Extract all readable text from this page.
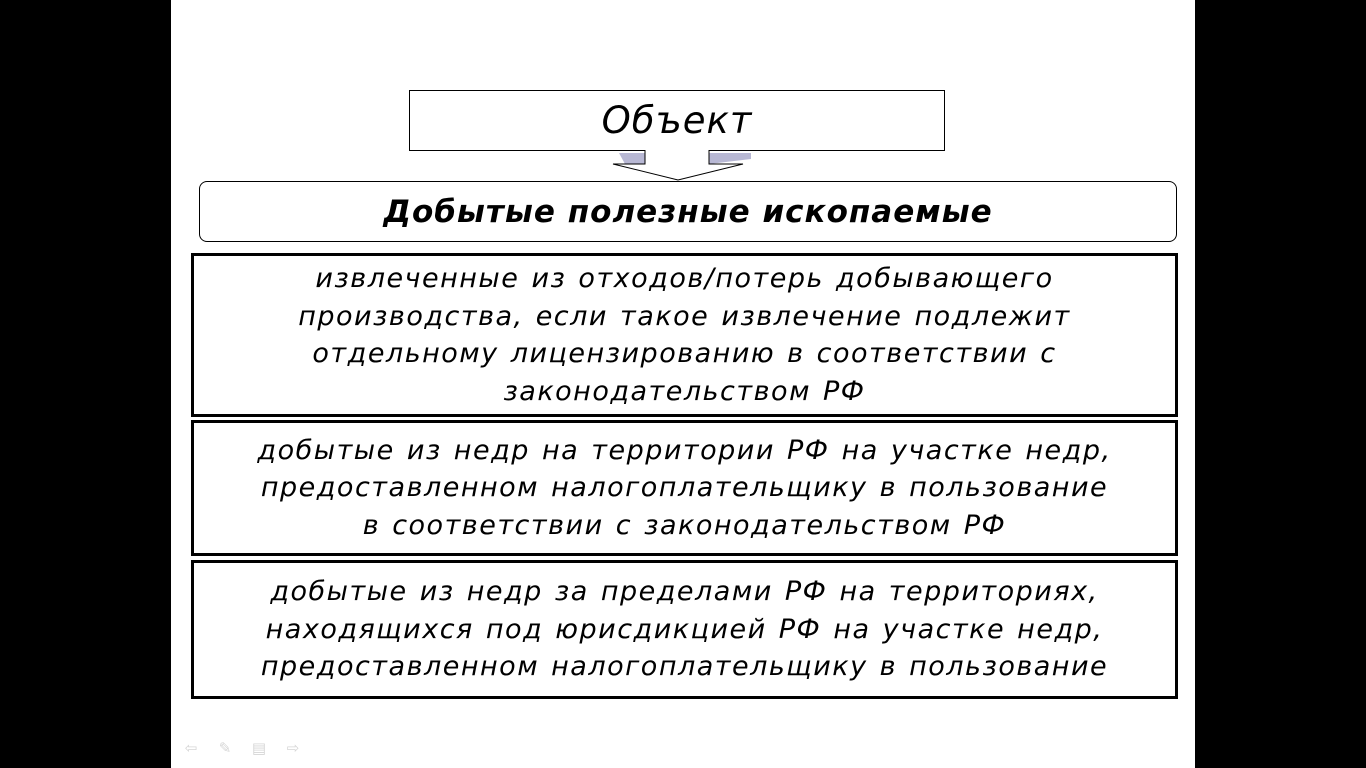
Объект
Добытые полезные ископаемые
извлеченные из отходов/потерь добывающего
производства, если такое извлечение подлежит
отдельному лицензированию в соответствии с
законодательством РФ
добытые из недр на территории РФ на участке недр,
предоставленном налогоплательщику в пользование
в соответствии с законодательством РФ
добытые из недр за пределами РФ на территориях,
находящихся под юрисдикцией РФ на участке недр,
предоставленном налогоплательщику в пользование
⇦	✎	▤	⇨
